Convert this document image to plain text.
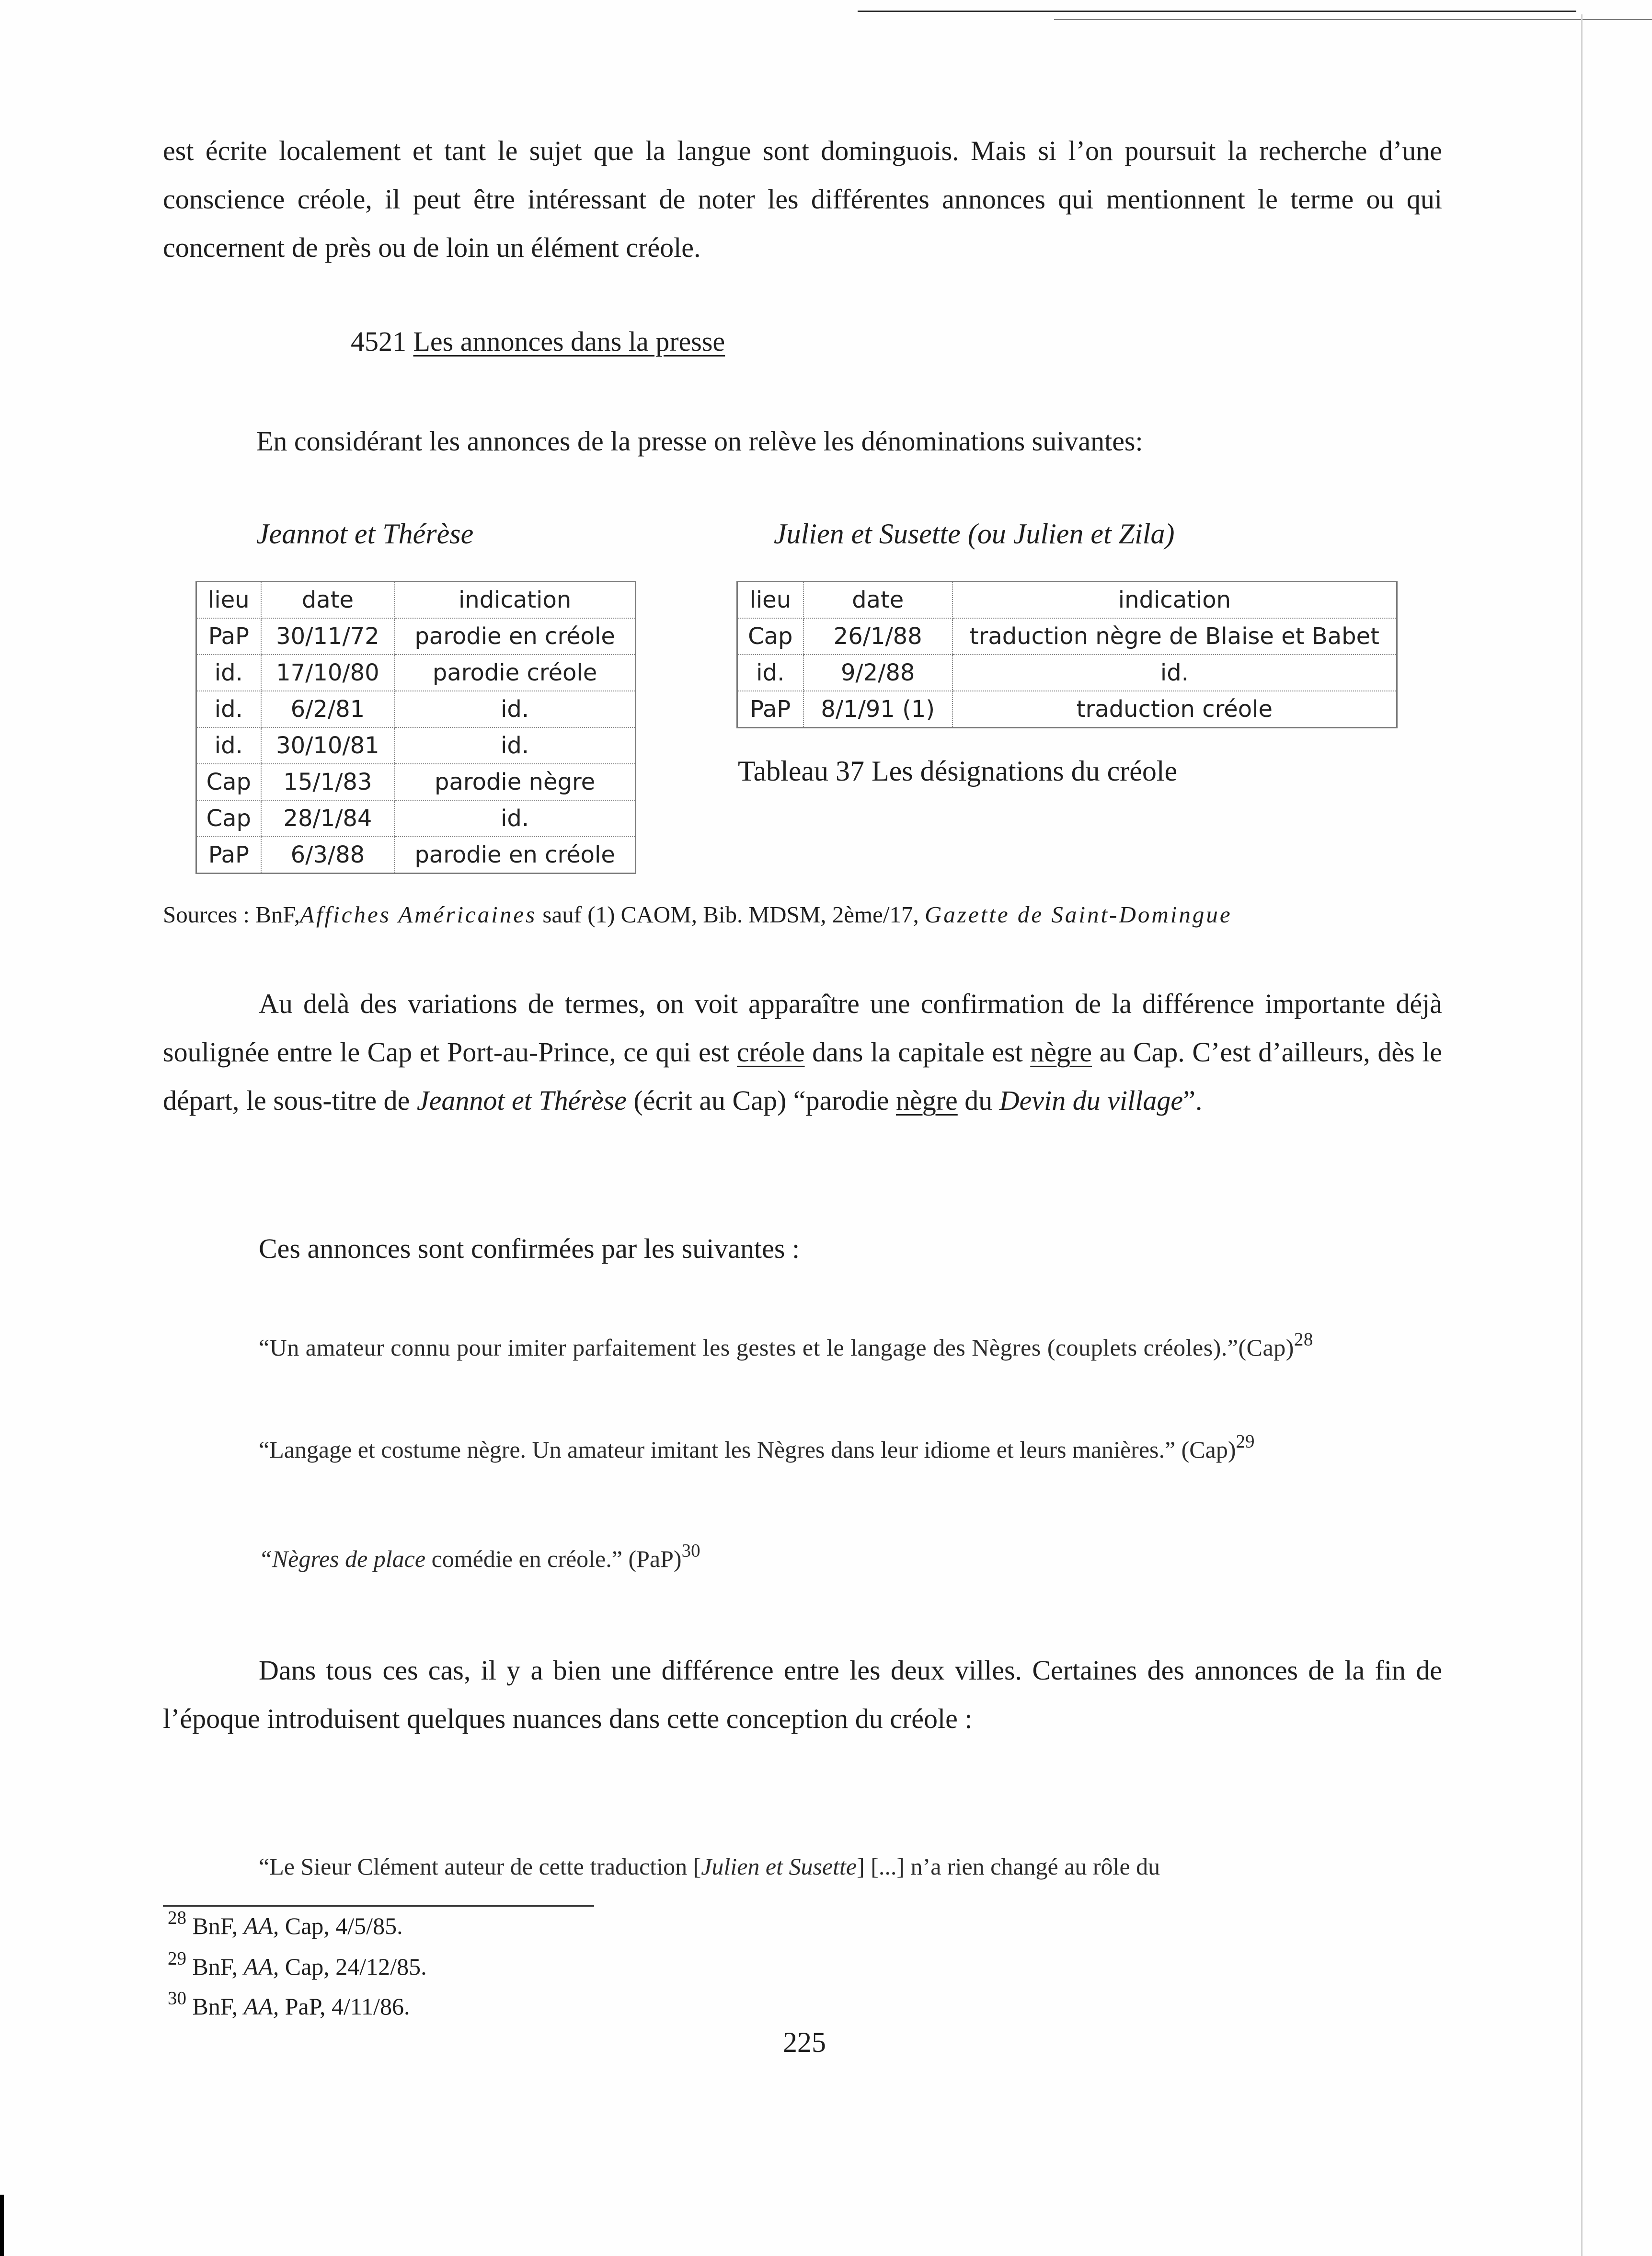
est écrite localement et tant le sujet que la langue sont dominguois. Mais si l’on poursuit la recherche d’une conscience créole, il peut être intéressant de noter les différentes annonces qui mentionnent le terme ou qui concernent de près ou de loin un élément créole.

4521 Les annonces dans la presse
En considérant les annonces de la presse on relève les dénominations suivantes:
Jeannot et Thérèse	Julien et Susette (ou Julien et Zila)
lieu	date	indication
PaP	30/11/72	parodie en créole
id.	17/10/80	parodie créole
id.	6/2/81	id.
id.	30/10/81	id.
Cap	15/1/83	parodie nègre
Cap	28/1/84	id.
PaP	6/3/88	parodie en créole
lieu	date	indication
Cap	26/1/88	traduction nègre de Blaise et Babet
id.	9/2/88	id.
PaP	8/1/91 (1)	traduction créole
Tableau 37 Les désignations du créole
Sources : BnF,Affiches Américaines sauf (1) CAOM, Bib. MDSM, 2ème/17, Gazette de Saint-Domingue

Au delà des variations de termes, on voit apparaître une confirmation de la différence importante déjà soulignée entre le Cap et Port-au-Prince, ce qui est créole dans la capitale est nègre au Cap. C’est d’ailleurs, dès le départ, le sous-titre de Jeannot et Thérèse (écrit au Cap) “parodie nègre du Devin du village”.

Ces annonces sont confirmées par les suivantes :

“Un amateur connu pour imiter parfaitement les gestes et le langage des Nègres (couplets créoles).”(Cap)$^{28}$

“Langage et costume nègre. Un amateur imitant les Nègres dans leur idiome et leurs manières.” (Cap)$^{29}$

“Nègres de place comédie en créole.” (PaP)$^{30}$

Dans tous ces cas, il y a bien une différence entre les deux villes. Certaines des annonces de la fin de l’époque introduisent quelques nuances dans cette conception du créole :

“Le Sieur Clément auteur de cette traduction [Julien et Susette] [...] n’a rien changé au rôle du
$^{28}$ BnF, AA, Cap, 4/5/85.
$^{29}$ BnF, AA, Cap, 24/12/85.
$^{30}$ BnF, AA, PaP, 4/11/86.
225
